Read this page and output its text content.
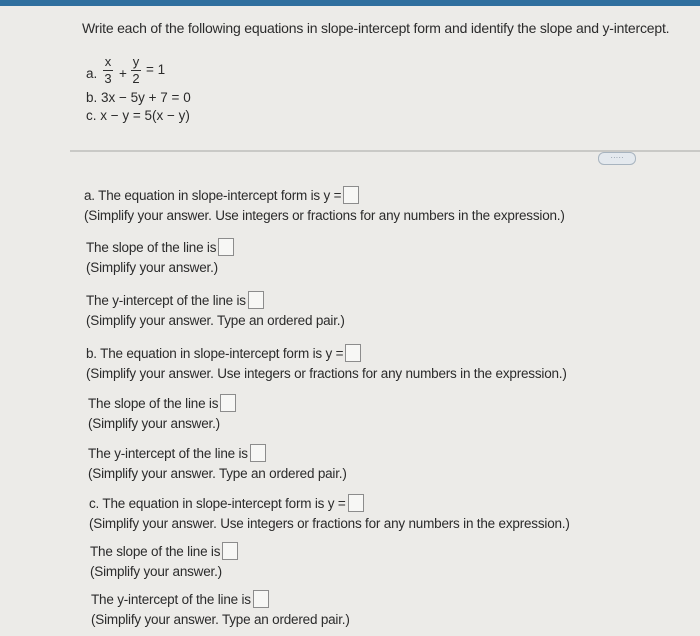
Write each of the following equations in slope-intercept form and identify the slope and y-intercept.
a.
x
3 +
y
2
= 1
b. 3x − 5y + 7 = 0
c. x − y = 5(x − y)
·····
a. The equation in slope-intercept form is y =
(Simplify your answer. Use integers or fractions for any numbers in the expression.)
The slope of the line is
(Simplify your answer.)
The y-intercept of the line is
(Simplify your answer. Type an ordered pair.)
b. The equation in slope-intercept form is y =
(Simplify your answer. Use integers or fractions for any numbers in the expression.)
The slope of the line is
(Simplify your answer.)
The y-intercept of the line is
(Simplify your answer. Type an ordered pair.)
c. The equation in slope-intercept form is y =
(Simplify your answer. Use integers or fractions for any numbers in the expression.)
The slope of the line is
(Simplify your answer.)
The y-intercept of the line is
(Simplify your answer. Type an ordered pair.)
